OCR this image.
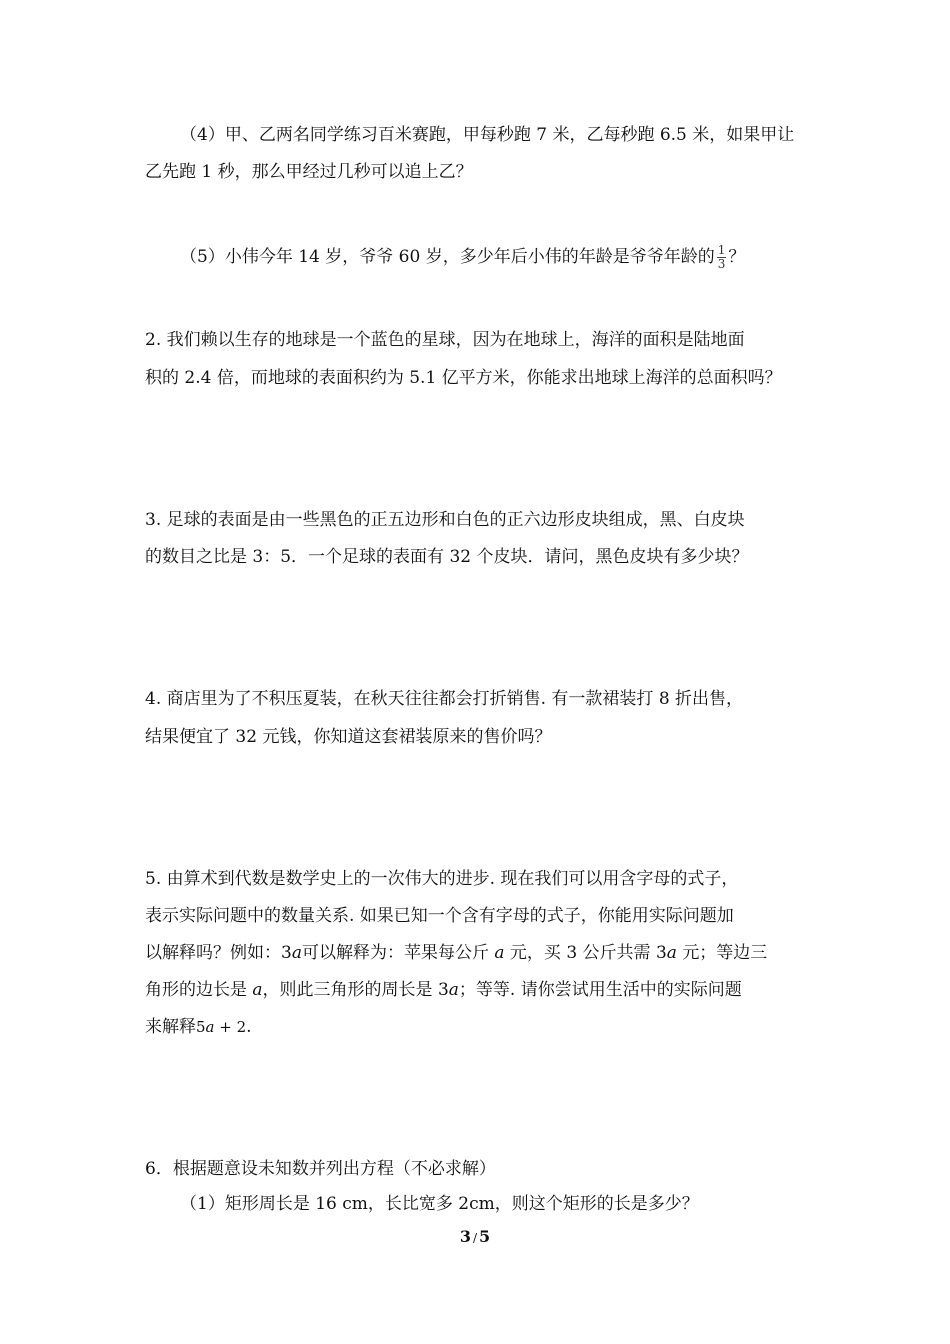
（4）甲、乙两名同学练习百米赛跑，甲每秒跑 7 米，乙每秒跑 6.5 米，如果甲让
乙先跑 1 秒，那么甲经过几秒可以追上乙？
（5）小伟今年 14 岁，爷爷 60 岁，多少年后小伟的年龄是爷爷年龄的 $\frac{1}{3}$ ？
2. 我们赖以生存的地球是一个蓝色的星球，因为在地球上，海洋的面积是陆地面
积的 2.4 倍，而地球的表面积约为 5.1 亿平方米，你能求出地球上海洋的总面积吗？
3. 足球的表面是由一些黑色的正五边形和白色的正六边形皮块组成，黑、白皮块
的数目之比是 3：5．一个足球的表面有 32 个皮块．请问，黑色皮块有多少块？
4. 商店里为了不积压夏装，在秋天往往都会打折销售. 有一款裙装打 8 折出售，
结果便宜了 32 元钱，你知道这套裙装原来的售价吗？
5. 由算术到代数是数学史上的一次伟大的进步. 现在我们可以用含字母的式子，
表示实际问题中的数量关系. 如果已知一个含有字母的式子，你能用实际问题加
以解释吗？例如：3a可以解释为：苹果每公斤 a 元，买 3 公斤共需 3a 元；等边三
角形的边长是 a，则此三角形的周长是 3a；等等. 请你尝试用生活中的实际问题
来解释5a + 2.
6．根据题意设未知数并列出方程（不必求解）
（1）矩形周长是 16 cm，长比宽多 2cm，则这个矩形的长是多少？
3 / 5
